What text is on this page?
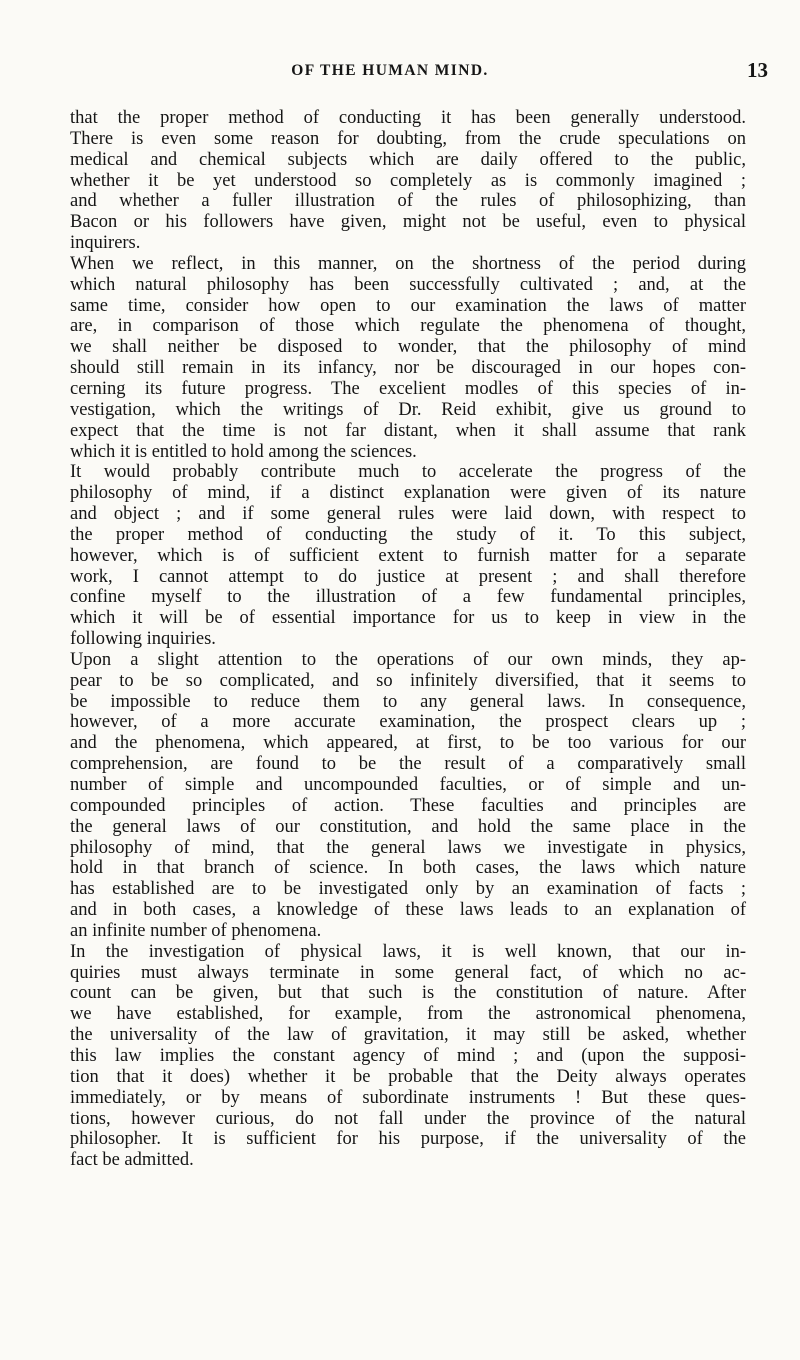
OF THE HUMAN MIND.	13
that the proper method of conducting it has been generally understood.
There is even some reason for doubting, from the crude speculations on
medical and chemical subjects which are daily offered to the public,
whether it be yet understood so completely as is commonly imagined ;
and whether a fuller illustration of the rules of philosophizing, than
Bacon or his followers have given, might not be useful, even to physical
inquirers.
When we reflect, in this manner, on the shortness of the period during
which natural philosophy has been successfully cultivated ; and, at the
same time, consider how open to our examination the laws of matter
are, in comparison of those which regulate the phenomena of thought,
we shall neither be disposed to wonder, that the philosophy of mind
should still remain in its infancy, nor be discouraged in our hopes con-
cerning its future progress. The excelient modles of this species of in-
vestigation, which the writings of Dr. Reid exhibit, give us ground to
expect that the time is not far distant, when it shall assume that rank
which it is entitled to hold among the sciences.
It would probably contribute much to accelerate the progress of the
philosophy of mind, if a distinct explanation were given of its nature
and object ; and if some general rules were laid down, with respect to
the proper method of conducting the study of it. To this subject,
however, which is of sufficient extent to furnish matter for a separate
work, I cannot attempt to do justice at present ; and shall therefore
confine myself to the illustration of a few fundamental principles,
which it will be of essential importance for us to keep in view in the
following inquiries.
Upon a slight attention to the operations of our own minds, they ap-
pear to be so complicated, and so infinitely diversified, that it seems to
be impossible to reduce them to any general laws. In consequence,
however, of a more accurate examination, the prospect clears up ;
and the phenomena, which appeared, at first, to be too various for our
comprehension, are found to be the result of a comparatively small
number of simple and uncompounded faculties, or of simple and un-
compounded principles of action. These faculties and principles are
the general laws of our constitution, and hold the same place in the
philosophy of mind, that the general laws we investigate in physics,
hold in that branch of science. In both cases, the laws which nature
has established are to be investigated only by an examination of facts ;
and in both cases, a knowledge of these laws leads to an explanation of
an infinite number of phenomena.
In the investigation of physical laws, it is well known, that our in-
quiries must always terminate in some general fact, of which no ac-
count can be given, but that such is the constitution of nature. After
we have established, for example, from the astronomical phenomena,
the universality of the law of gravitation, it may still be asked, whether
this law implies the constant agency of mind ; and (upon the supposi-
tion that it does) whether it be probable that the Deity always operates
immediately, or by means of subordinate instruments ! But these ques-
tions, however curious, do not fall under the province of the natural
philosopher. It is sufficient for his purpose, if the universality of the
fact be admitted.
